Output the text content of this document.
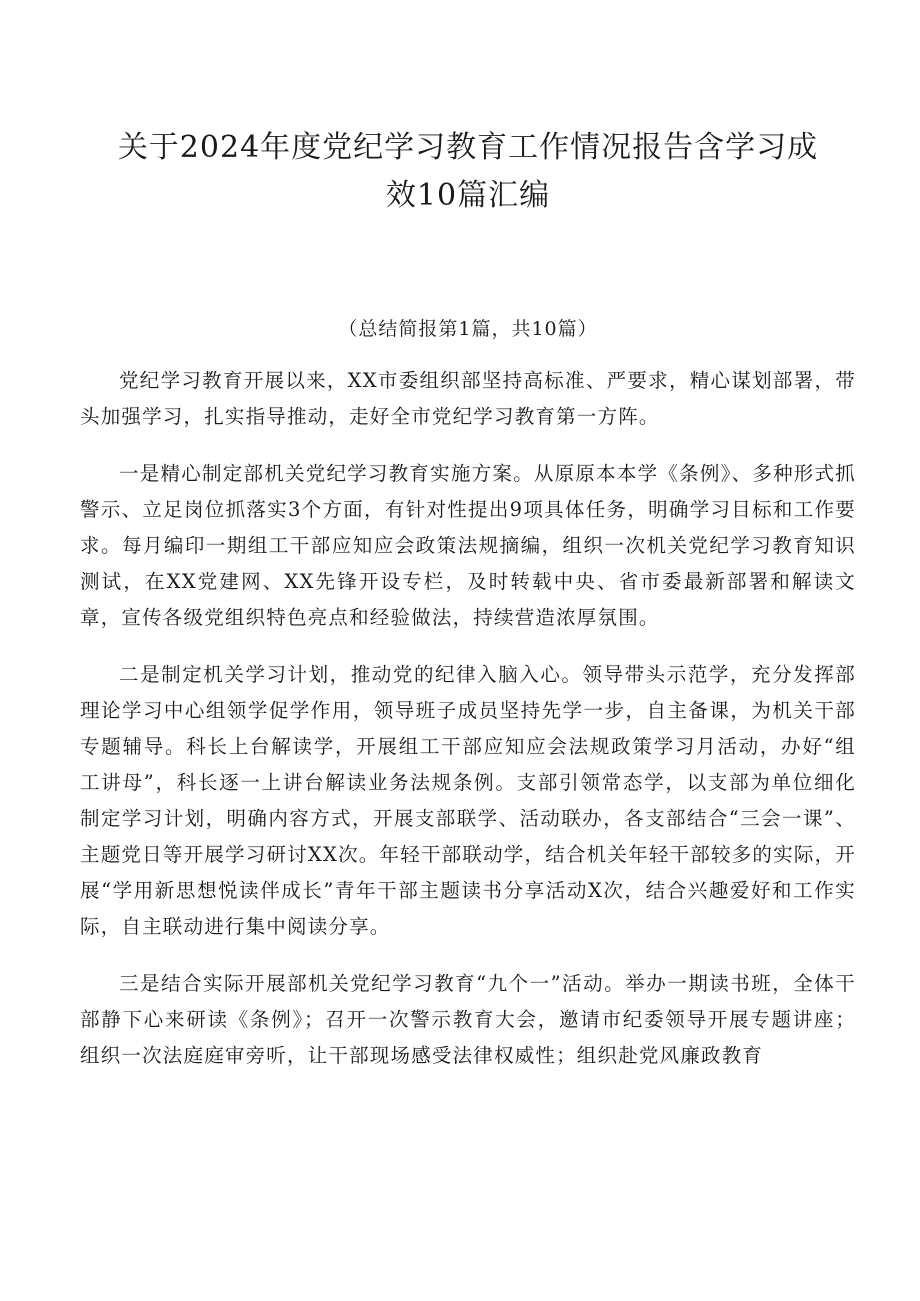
关于2024年度党纪学习教育工作情况报告含学习成
效10篇汇编

（总结简报第1篇，共10篇）

党纪学习教育开展以来，XX市委组织部坚持高标准、严要求，精心谋划部署，带头加强学习，扎实指导推动，走好全市党纪学习教育第一方阵。

一是精心制定部机关党纪学习教育实施方案。从原原本本学《条例》、多种形式抓警示、立足岗位抓落实3个方面，有针对性提出9项具体任务，明确学习目标和工作要求。每月编印一期组工干部应知应会政策法规摘编，组织一次机关党纪学习教育知识测试，在XX党建网、XX先锋开设专栏，及时转载中央、省市委最新部署和解读文章，宣传各级党组织特色亮点和经验做法，持续营造浓厚氛围。

二是制定机关学习计划，推动党的纪律入脑入心。领导带头示范学，充分发挥部理论学习中心组领学促学作用，领导班子成员坚持先学一步，自主备课，为机关干部专题辅导。科长上台解读学，开展组工干部应知应会法规政策学习月活动，办好“组工讲母”，科长逐一上讲台解读业务法规条例。支部引领常态学，以支部为单位细化制定学习计划，明确内容方式，开展支部联学、活动联办，各支部结合“三会一课”、主题党日等开展学习研讨XX次。年轻干部联动学，结合机关年轻干部较多的实际，开展“学用新思想悦读伴成长”青年干部主题读书分享活动X次，结合兴趣爱好和工作实际，自主联动进行集中阅读分享。

三是结合实际开展部机关党纪学习教育“九个一”活动。举办一期读书班，全体干部静下心来研读《条例》；召开一次警示教育大会，邀请市纪委领导开展专题讲座；组织一次法庭庭审旁听，让干部现场感受法律权威性；组织赴党风廉政教育
